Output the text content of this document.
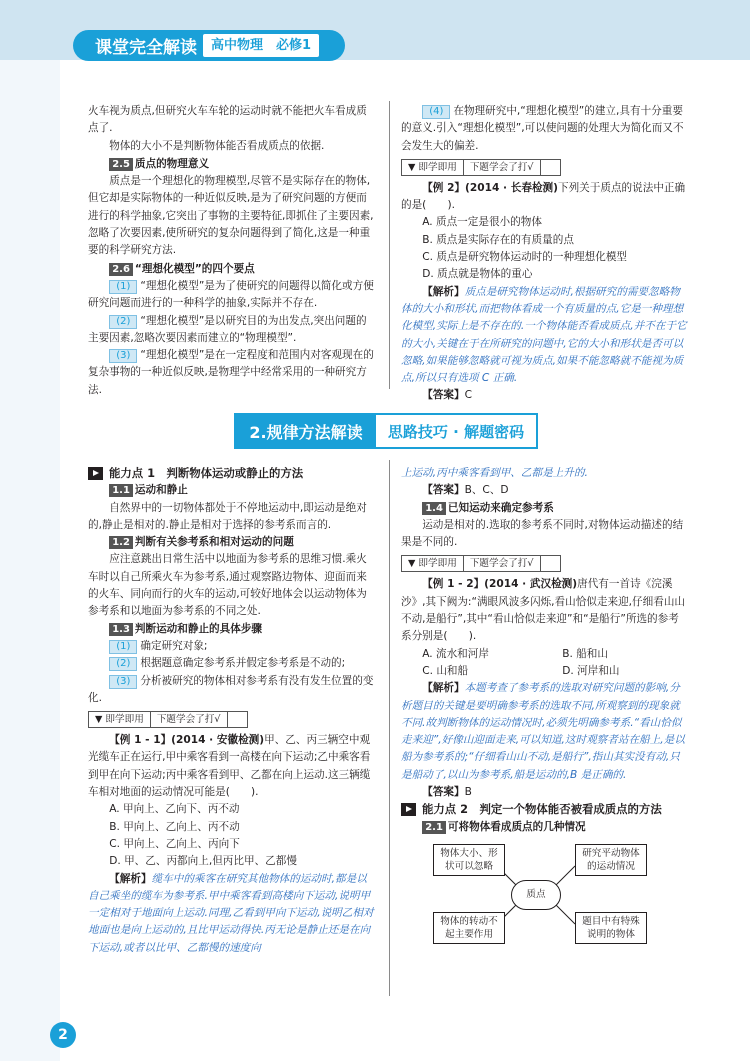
课堂完全解读	高中物理　必修1

火车视为质点,但研究火车车轮的运动时就不能把火车看成质点了.

物体的大小不是判断物体能否看成质点的依据.

2.5 质点的物理意义

质点是一个理想化的物理模型,尽管不是实际存在的物体,但它却是实际物体的一种近似反映,是为了研究问题的方便而进行的科学抽象,它突出了事物的主要特征,即抓住了主要因素,忽略了次要因素,使所研究的复杂问题得到了简化,这是一种重要的科学研究方法.

2.6 “理想化模型”的四个要点

(1) “理想化模型”是为了使研究的问题得以简化或方便研究问题而进行的一种科学的抽象,实际并不存在.

(2) “理想化模型”是以研究目的为出发点,突出问题的主要因素,忽略次要因素而建立的“物理模型”.

(3) “理想化模型”是在一定程度和范围内对客观现在的复杂事物的一种近似反映,是物理学中经常采用的一种研究方法.

(4) 在物理研究中,“理想化模型”的建立,具有十分重要的意义.引入“理想化模型”,可以使问题的处理大为简化而又不会发生大的偏差.

▼ 即学即用	下题学会了打√

【例 2】(2014 · 长春检测)下列关于质点的说法中正确的是(　　).

A. 质点一定是很小的物体

B. 质点是实际存在的有质量的点

C. 质点是研究物体运动时的一种理想化模型

D. 质点就是物体的重心

【解析】质点是研究物体运动时,根据研究的需要忽略物体的大小和形状,而把物体看成一个有质量的点,它是一种理想化模型,实际上是不存在的.一个物体能否看成质点,并不在于它的大小,关键在于在所研究的问题中,它的大小和形状是否可以忽略,如果能够忽略就可视为质点,如果不能忽略就不能视为质点,所以只有选项 C 正确.

【答案】C

2.规律方法解读	思路技巧 · 解题密码

能力点 1　判断物体运动或静止的方法

1.1 运动和静止

自然界中的一切物体都处于不停地运动中,即运动是绝对的,静止是相对的.静止是相对于选择的参考系而言的.

1.2 判断有关参考系和相对运动的问题

应注意跳出日常生活中以地面为参考系的思维习惯.乘火车时以自己所乘火车为参考系,通过观察路边物体、迎面而来的火车、同向而行的火车的运动,可较好地体会以运动物体为参考系和以地面为参考系的不同之处.

1.3 判断运动和静止的具体步骤

(1) 确定研究对象;

(2) 根据题意确定参考系并假定参考系是不动的;

(3) 分析被研究的物体相对参考系有没有发生位置的变化.

▼ 即学即用	下题学会了打√

【例 1 - 1】(2014 · 安徽检测)甲、乙、丙三辆空中观光缆车正在运行,甲中乘客看到一高楼在向下运动;乙中乘客看到甲在向下运动;丙中乘客看到甲、乙都在向上运动.这三辆缆车相对地面的运动情况可能是(　　).

A. 甲向上、乙向下、丙不动

B. 甲向上、乙向上、丙不动

C. 甲向上、乙向上、丙向下

D. 甲、乙、丙都向上,但丙比甲、乙都慢

【解析】缆车中的乘客在研究其他物体的运动时,都是以自己乘坐的缆车为参考系.甲中乘客看到高楼向下运动,说明甲一定相对于地面向上运动.同理,乙看到甲向下运动,说明乙相对地面也是向上运动的,且比甲运动得快.丙无论是静止还是在向下运动,或者以比甲、乙都慢的速度向

上运动,丙中乘客看到甲、乙都是上升的.

【答案】B、C、D

1.4 已知运动来确定参考系

运动是相对的.选取的参考系不同时,对物体运动描述的结果是不同的.

▼ 即学即用	下题学会了打√

【例 1 - 2】(2014 · 武汉检测)唐代有一首诗《浣溪沙》,其下阙为:“满眼风波多闪烁,看山恰似走来迎,仔细看山山不动,是船行”,其中“看山恰似走来迎”和“是船行”所选的参考系分别是(　　).

A. 流水和河岸	B. 船和山

C. 山和船	D. 河岸和山

【解析】本题考查了参考系的选取对研究问题的影响,分析题目的关键是要明确参考系的选取不同,所观察到的现象就不同.故判断物体的运动情况时,必须先明确参考系.“看山恰似走来迎”,好像山迎面走来,可以知道,这时观察者站在船上,是以船为参考系的;“仔细看山山不动,是船行”,指山其实没有动,只是船动了,以山为参考系,船是运动的,B 是正确的.

【答案】B

能力点 2　判定一个物体能否被看成质点的方法

2.1 可将物体看成质点的几种情况

物体大小、形状可以忽略
研究平动物体的运动情况
质点
物体的转动不起主要作用
题目中有特殊说明的物体
2
